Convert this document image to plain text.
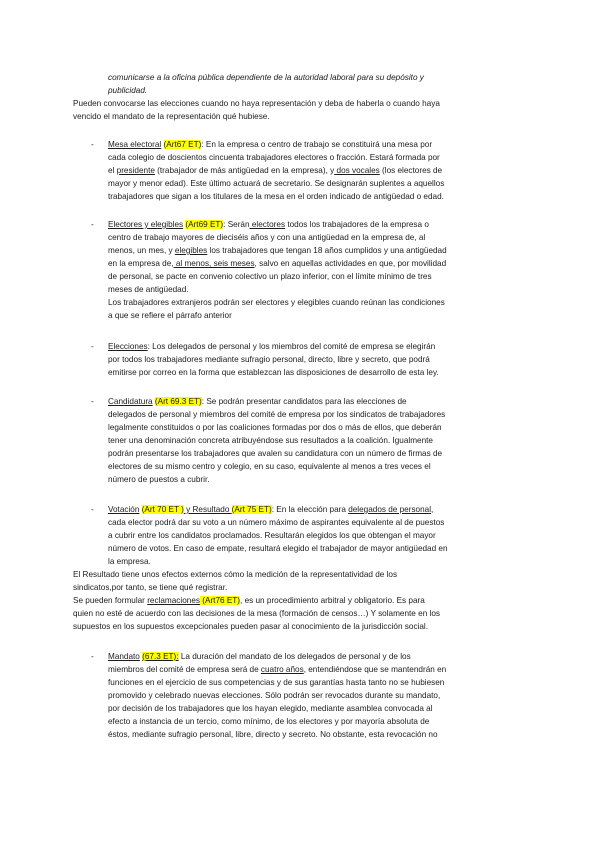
comunicarse a la oficina pública dependiente de la autoridad laboral para su depósito y
publicidad.
Pueden convocarse las elecciones cuando no haya representación y deba de haberla o cuando haya
vencido el mandato de la representación qué hubiese.
- Mesa electoral (Art67 ET): En la empresa o centro de trabajo se constituirá una mesa por
cada colegio de doscientos cincuenta trabajadores electores o fracción. Estará formada por
el presidente (trabajador de más antigüedad en la empresa), y dos vocales (los electores de
mayor y menor edad). Este último actuará de secretario. Se designarán suplentes a aquellos
trabajadores que sigan a los titulares de la mesa en el orden indicado de antigüedad o edad.
- Electores y elegibles (Art69 ET): Serán electores todos los trabajadores de la empresa o
centro de trabajo mayores de dieciséis años y con una antigüedad en la empresa de, al
menos, un mes, y elegibles los trabajadores que tengan 18 años cumplidos y una antigüedad
en la empresa de, al menos, seis meses, salvo en aquellas actividades en que, por movilidad
de personal, se pacte en convenio colectivo un plazo inferior, con el límite mínimo de tres
meses de antigüedad.
Los trabajadores extranjeros podrán ser electores y elegibles cuando reúnan las condiciones
a que se refiere el párrafo anterior
- Elecciones: Los delegados de personal y los miembros del comité de empresa se elegirán
por todos los trabajadores mediante sufragio personal, directo, libre y secreto, que podrá
emitirse por correo en la forma que establezcan las disposiciones de desarrollo de esta ley.
- Candidatura (Art 69.3 ET): Se podrán presentar candidatos para las elecciones de
delegados de personal y miembros del comité de empresa por los sindicatos de trabajadores
legalmente constituidos o por las coaliciones formadas por dos o más de ellos, que deberán
tener una denominación concreta atribuyéndose sus resultados a la coalición. Igualmente
podrán presentarse los trabajadores que avalen su candidatura con un número de firmas de
electores de su mismo centro y colegio, en su caso, equivalente al menos a tres veces el
número de puestos a cubrir.
- Votación (Art 70 ET ) y Resultado (Art 75 ET): En la elección para delegados de personal,
cada elector podrá dar su voto a un número máximo de aspirantes equivalente al de puestos
a cubrir entre los candidatos proclamados. Resultarán elegidos los que obtengan el mayor
número de votos. En caso de empate, resultará elegido el trabajador de mayor antigüedad en
la empresa.
El Resultado tiene unos efectos externos cómo la medición de la representatividad de los
sindicatos,por tanto, se tiene qué registrar.
Se pueden formular reclamaciones (Art76 ET), es un procedimiento arbitral y obligatorio. Es para
quien no esté de acuerdo con las decisiones de la mesa (formación de censos…) Y solamente en los
supuestos en los supuestos excepcionales pueden pasar al conocimiento de la jurisdicción social.
- Mandato (67.3 ET): La duración del mandato de los delegados de personal y de los
miembros del comité de empresa será de cuatro años, entendiéndose que se mantendrán en
funciones en el ejercicio de sus competencias y de sus garantías hasta tanto no se hubiesen
promovido y celebrado nuevas elecciones. Sólo podrán ser revocados durante su mandato,
por decisión de los trabajadores que los hayan elegido, mediante asamblea convocada al
efecto a instancia de un tercio, como mínimo, de los electores y por mayoría absoluta de
éstos, mediante sufragio personal, libre, directo y secreto. No obstante, esta revocación no
